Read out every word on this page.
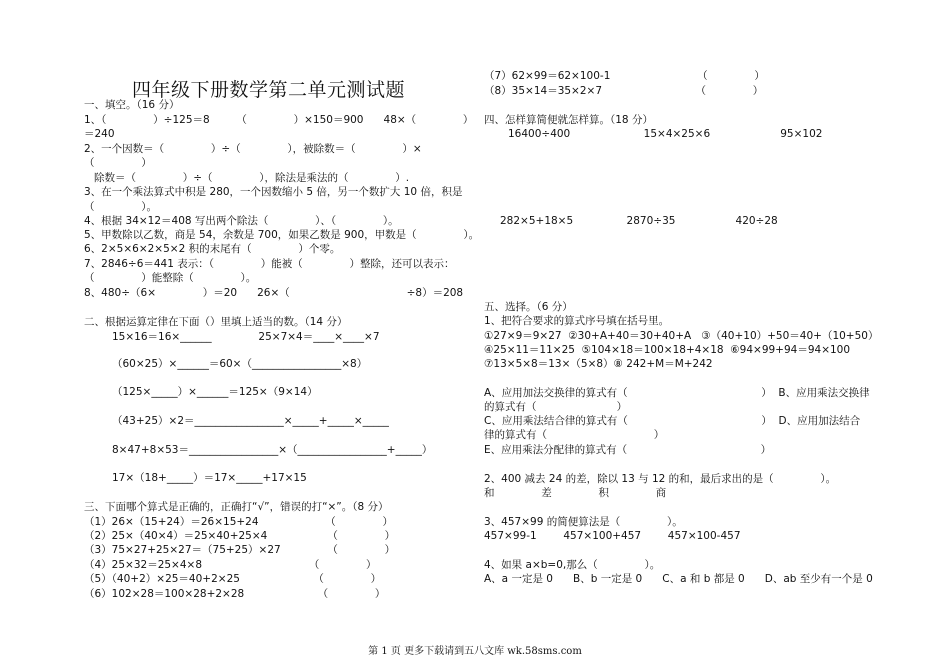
四年级下册数学第二单元测试题
一、填空。（16 分）
1、（              ）÷125＝8        （              ）×150＝900      48×（              ）
＝240
2、一个因数＝（              ）÷（              ），被除数＝（              ）×
（              ）
除数＝（              ）÷（              ），除法是乘法的（              ）.
3、在一个乘法算式中积是 280，一个因数缩小 5 倍，另一个数扩大 10 倍，积是
（              ）。
4、根据 34×12＝408 写出两个除法（              ）、（              ）。
5、甲数除以乙数，商是 54，余数是 700，如果乙数是 900，甲数是（              ）。
6、2×5×6×2×5×2 积的末尾有（              ）个零。
7、2846÷6＝441 表示：（              ）能被（              ）整除，还可以表示：
（              ）能整除（              ）。
8、480÷（6×              ）＝20      26×（                                   ÷8）＝208
二、根据运算定律在下面（）里填上适当的数。（14 分）
15×16＝16×______              25×7×4＝____×____×7
（60×25）×______＝60×（_________________×8）
（125×_____）×______＝125×（9×14）
（43+25）×2＝_________________×_____+_____×_____
8×47+8×53＝_________________×（_________________+_____）
17×（18+_____）＝17×_____+17×15
三、下面哪个算式是正确的，正确打“√”，错误的打“×”。（8 分）
（1）26×（15+24）＝26×15+24                    （              ）
（2）25×（40×4）＝25×40+25×4                  （              ）
（3）75×27+25×27＝（75+25）×27              （              ）
（4）25×32＝25×4×8                                （              ）
（5）（40+2）×25＝40+2×25                      （              ）
（6）102×28＝100×28+2×28                      （              ）
（7）62×99＝62×100-1                          （              ）
（8）35×14＝35×2×7                            （              ）
四、怎样算简便就怎样算。（18 分）
16400÷400                      15×4×25×6                     95×102
282×5+18×5                2870÷35                  420÷28
五、选择。（6 分）
1、把符合要求的算式序号填在括号里。
①27×9＝9×27  ②30+A+40＝30+40+A   ③（40+10）+50＝40+（10+50）
④25×11＝11×25  ⑤104×18＝100×18+4×18  ⑥94×99+94＝94×100
⑦13×5×8＝13×（5×8）⑧ 242+M＝M+242
A、应用加法交换律的算式有（                                        ）  B、应用乘法交换律
的算式有（                        ）
C、应用乘法结合律的算式有（                                        ）  D、应用加法结合
律的算式有（                                ）
E、应用乘法分配律的算式有（                                        ）
2、400 减去 24 的差，除以 13 与 12 的和，最后求出的是（              ）。
和              差              积              商
3、457×99 的简便算法是（              ）。
457×99-1        457×100+457        457×100-457
4、如果 a×b=0,那么（              ）。
A、a 一定是 0      B、b 一定是 0      C、a 和 b 都是 0      D、ab 至少有一个是 0
第 1 页 更多下载请到五八文库 wk.58sms.com
